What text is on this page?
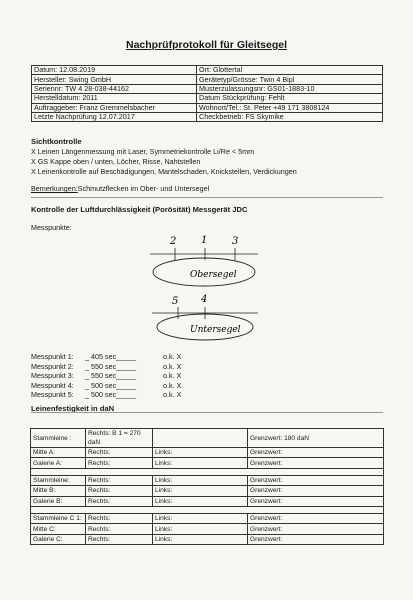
Nachprüfprotokoll für Gleitsegel
Datum: 12.08.2019	Ort: Glottertal
Hersteller: Swing GmbH	Gerätetyp/Grösse: Twin 4 Bipl
Seriennr: TW 4 28-038-44162	Musterzulassungsnr: GS01-1883-10
Herstelldatum: 2011	Datum Stückprüfung: Fehlt
Auftraggeber: Franz Gremmelsbacher	Wohnort/Tel.: St. Peter +49 171 3808124
Letzte Nachprüfung 12.07.2017	Checkbetrieb: FS Skymike
Sichtkontrolle
X Leinen Längenmessung mit Laser, Symmetriekontrolle Li/Re < 5mm
X GS Kappe oben / unten, Löcher, Risse, Nahtstellen
X Leinenkontrolle auf Beschädigungen, Mantelschaden, Knickstellen, Verdickungen
Bemerkungen:Schmutzflecken im Ober- und Untersegel
Kontrolle der Luftdurchlässigkeit (Porösität) Messgerät JDC
Messpunkte:
2 1 3
Obersegel
5 4
Untersegel
Messpunkt 1: _ 405 sec_____	o.k. X
Messpunkt 2: _ 550 sec_____	o.k. X
Messpunkt 3: _ 550 sec_____	o.k. X
Messpunkt 4: _ 500 sec_____	o.k. X
Messpunkt 5: _ 500 sec_____	o.k. X
Leinenfestigkeit in daN
Stammleine :	Rechts: B 1 = 270 daN		Grenzwert: 180 daN
Mitte A:	Rechts:	Links:	Grenzwert:
Galerie A:	Rechts:	Links:	Grenzwert:

Stammleine:	Rechts:	Links:	Grenzwert:
Mitte B:	Rechts:	Links:	Grenzwert:
Galerie B:	Rechts:	Links:	Grenzwert:

Stammleine C 1:	Rechts:	Links:	Grenzwert:
Mitte C:	Rechts:	Links:	Grenzwert:
Galerie C:	Rechts:	Links:	Grenzwert:
